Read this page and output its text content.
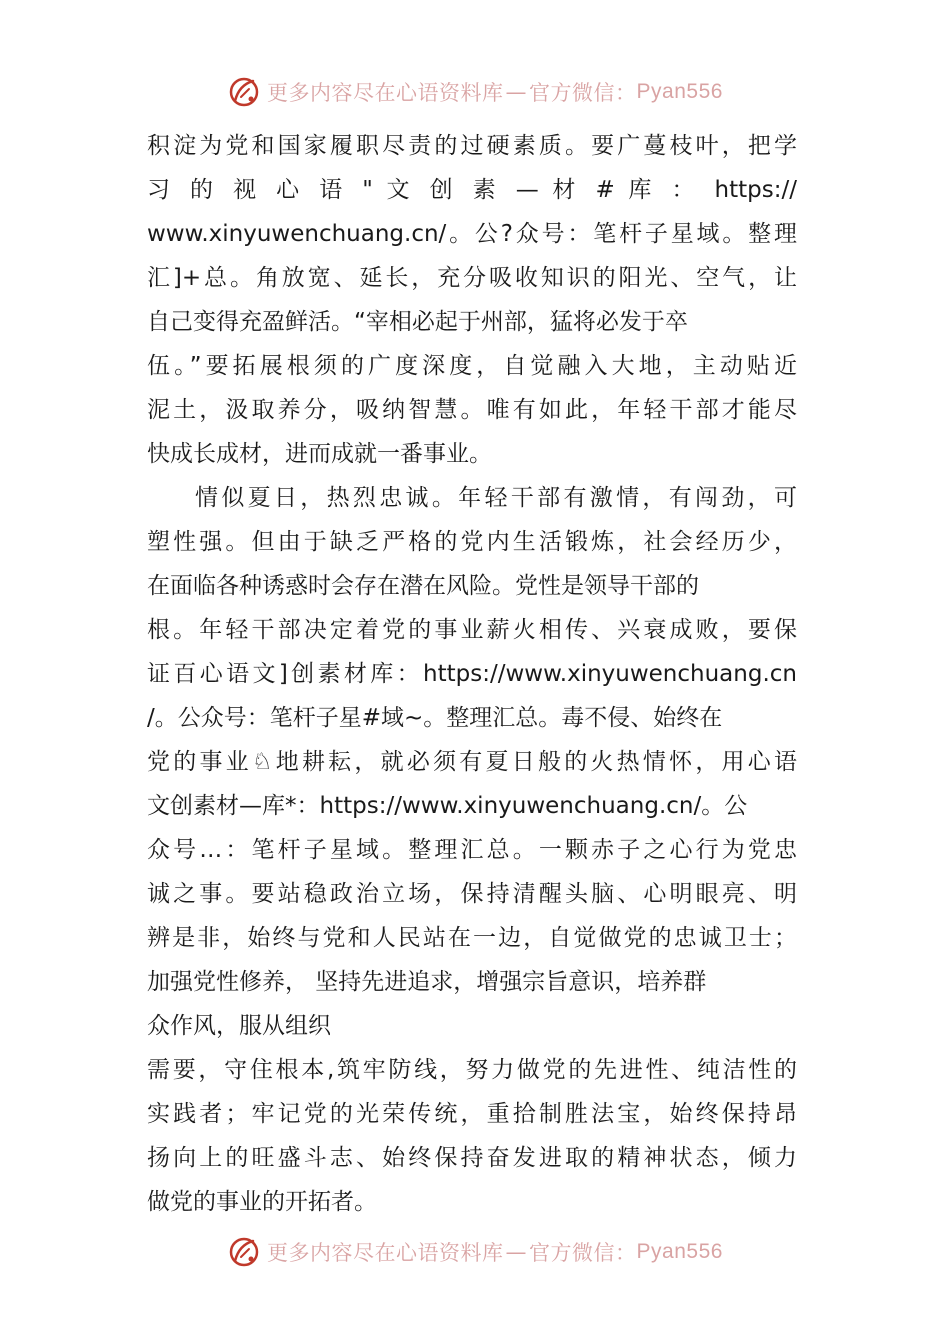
更多内容尽在心语资料库 — 官方微信： Pyan556
积淀为党和国家履职尽责的过硬素质。要广蔓枝叶，把学
习 的 视 心 语 " 文 创 素 — 材 # 库 ： https://
www.xinyuwenchuang.cn/。公?众号：笔杆子星域。整理
汇]+总。角放宽、延长，充分吸收知识的阳光、空气，让
自己变得充盈鲜活。“宰相必起于州部，猛将必发于卒
伍。”要拓展根须的广度深度，自觉融入大地，主动贴近
泥土，汲取养分，吸纳智慧。唯有如此，年轻干部才能尽
快成长成材，进而成就一番事业。
情似夏日，热烈忠诚。年轻干部有激情，有闯劲，可
塑性强。但由于缺乏严格的党内生活锻炼，社会经历少，
在面临各种诱惑时会存在潜在风险。党性是领导干部的
根。年轻干部决定着党的事业薪火相传、兴衰成败，要保
证百心语文]创素材库：https://www.xinyuwenchuang.cn
/。公众号：笔杆子星#域~。整理汇总。毒不侵、始终在
党的事业♘地耕耘，就必须有夏日般的火热情怀，用心语
文创素材—库*：https://www.xinyuwenchuang.cn/。公
众号…：笔杆子星域。整理汇总。一颗赤子之心行为党忠
诚之事。要站稳政治立场，保持清醒头脑、心明眼亮、明
辨是非，始终与党和人民站在一边，自觉做党的忠诚卫士；
加强党性修养， 坚持先进追求，增强宗旨意识，培养群
众作风，服从组织
需要，守住根本,筑牢防线，努力做党的先进性、纯洁性的
实践者；牢记党的光荣传统，重拾制胜法宝，始终保持昂
扬向上的旺盛斗志、始终保持奋发进取的精神状态，倾力
做党的事业的开拓者。
更多内容尽在心语资料库 — 官方微信： Pyan556
